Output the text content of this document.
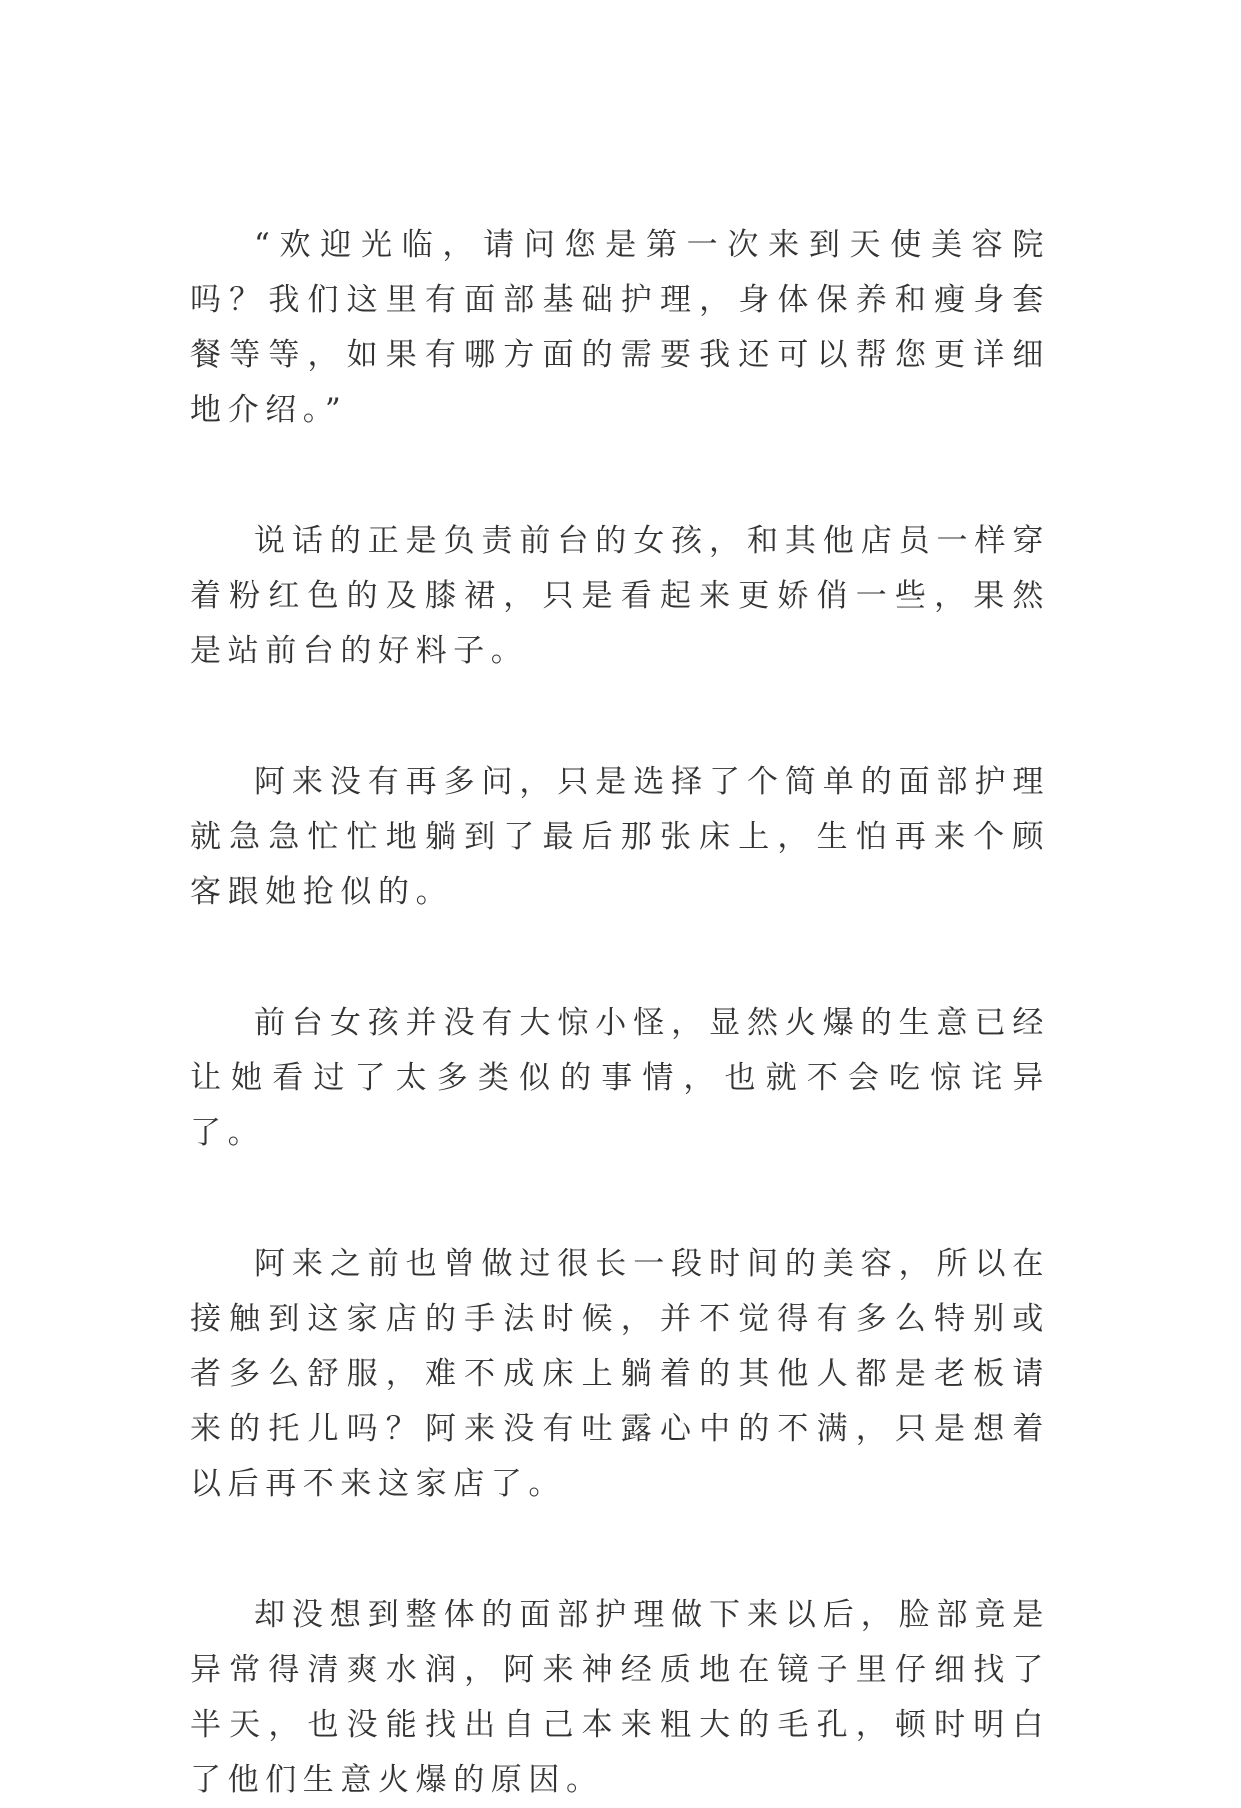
“欢迎光临，请问您是第一次来到天使美容院吗？我们这里有面部基础护理，身体保养和瘦身套餐等等，如果有哪方面的需要我还可以帮您更详细地介绍。”

说话的正是负责前台的女孩，和其他店员一样穿着粉红色的及膝裙，只是看起来更娇俏一些，果然是站前台的好料子。

阿来没有再多问，只是选择了个简单的面部护理就急急忙忙地躺到了最后那张床上，生怕再来个顾客跟她抢似的。

前台女孩并没有大惊小怪，显然火爆的生意已经让她看过了太多类似的事情，也就不会吃惊诧异了。

阿来之前也曾做过很长一段时间的美容，所以在接触到这家店的手法时候，并不觉得有多么特别或者多么舒服，难不成床上躺着的其他人都是老板请来的托儿吗？阿来没有吐露心中的不满，只是想着以后再不来这家店了。

却没想到整体的面部护理做下来以后，脸部竟是异常得清爽水润，阿来神经质地在镜子里仔细找了半天，也没能找出自己本来粗大的毛孔，顿时明白了他们生意火爆的原因。
